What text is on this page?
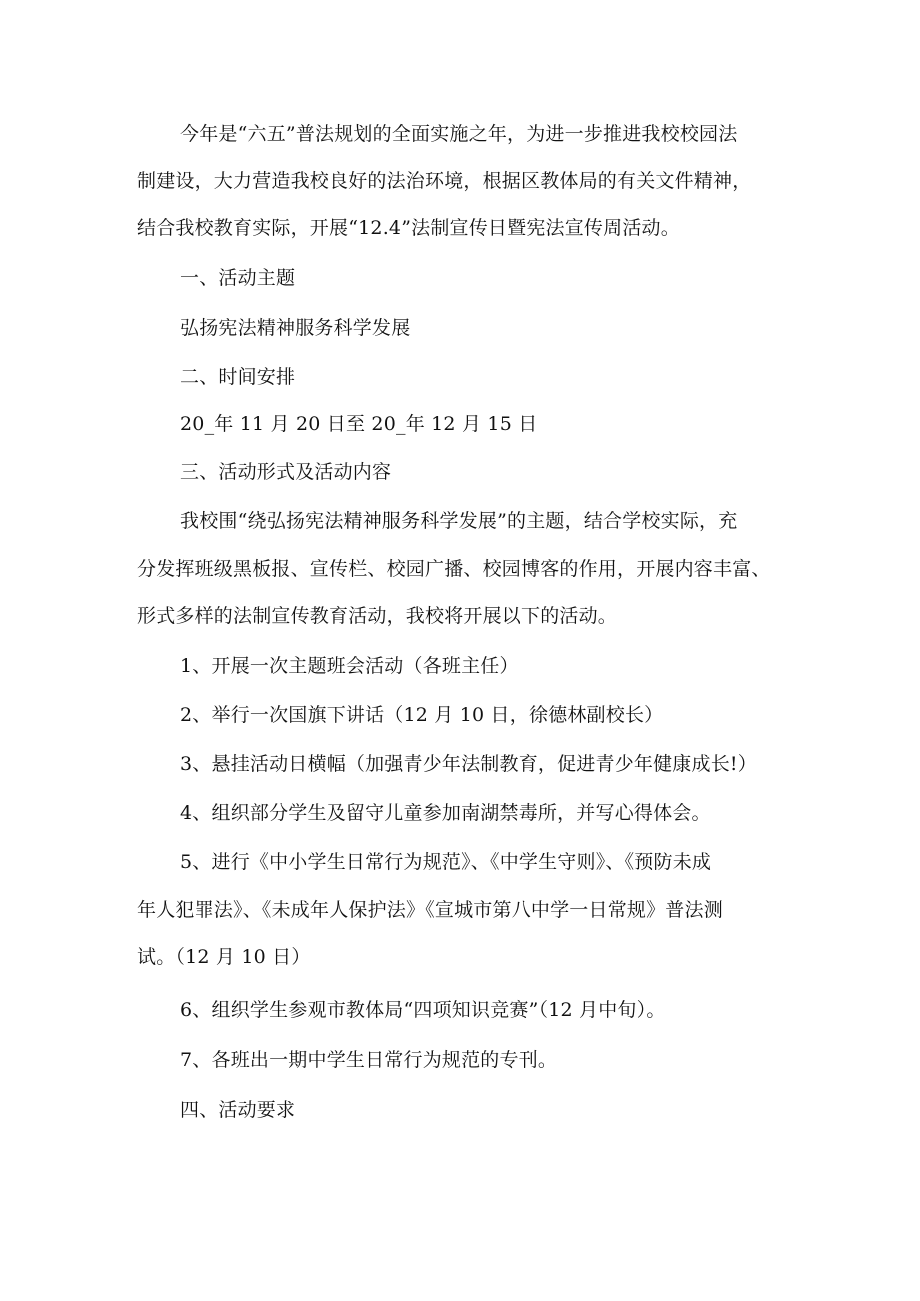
今年是“六五”普法规划的全面实施之年，为进一步推进我校校园法
制建设，大力营造我校良好的法治环境，根据区教体局的有关文件精神，
结合我校教育实际，开展“12.4”法制宣传日暨宪法宣传周活动。
一、活动主题
弘扬宪法精神服务科学发展
二、时间安排
20_年 11 月 20 日至 20_年 12 月 15 日
三、活动形式及活动内容
我校围“绕弘扬宪法精神服务科学发展”的主题，结合学校实际，充
分发挥班级黑板报、宣传栏、校园广播、校园博客的作用，开展内容丰富、
形式多样的法制宣传教育活动，我校将开展以下的活动。
1、开展一次主题班会活动（各班主任）
2、举行一次国旗下讲话（12 月 10 日，徐德林副校长）
3、悬挂活动日横幅（加强青少年法制教育，促进青少年健康成长!）
4、组织部分学生及留守儿童参加南湖禁毒所，并写心得体会。
5、进行《中小学生日常行为规范》、《中学生守则》、《预防未成
年人犯罪法》、《未成年人保护法》《宣城市第八中学一日常规》普法测
试。（12 月 10 日）
6、组织学生参观市教体局“四项知识竞赛”（12 月中旬）。
7、各班出一期中学生日常行为规范的专刊。
四、活动要求
